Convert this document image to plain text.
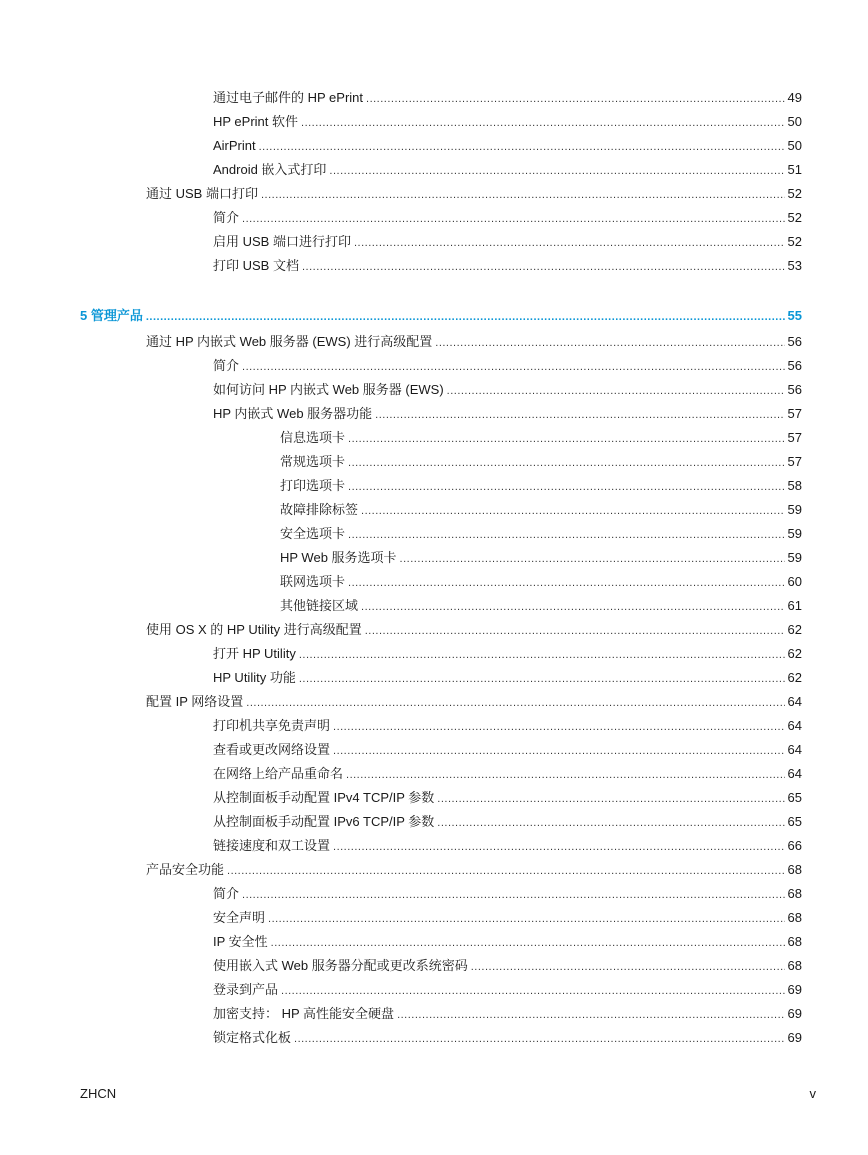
通过电子邮件的 HP ePrint .....	49
HP ePrint 软件 .....	50
AirPrint .....	50
Android 嵌入式打印 .....	51
通过 USB 端口打印 .....	52
简介 .....	52
启用 USB 端口进行打印 .....	52
打印 USB 文档 .....	53
5 管理产品 .....	55
通过 HP 内嵌式 Web 服务器 (EWS) 进行高级配置 .....	56
简介 .....	56
如何访问 HP 内嵌式 Web 服务器 (EWS) .....	56
HP 内嵌式 Web 服务器功能 .....	57
信息选项卡 .....	57
常规选项卡 .....	57
打印选项卡 .....	58
故障排除标签 .....	59
安全选项卡 .....	59
HP Web 服务选项卡 .....	59
联网选项卡 .....	60
其他链接区域 .....	61
使用 OS X 的 HP Utility 进行高级配置 .....	62
打开 HP Utility .....	62
HP Utility 功能 .....	62
配置 IP 网络设置 .....	64
打印机共享免责声明 .....	64
查看或更改网络设置 .....	64
在网络上给产品重命名 .....	64
从控制面板手动配置 IPv4 TCP/IP 参数 .....	65
从控制面板手动配置 IPv6 TCP/IP 参数 .....	65
链接速度和双工设置 .....	66
产品安全功能 .....	68
简介 .....	68
安全声明 .....	68
IP 安全性 .....	68
使用嵌入式 Web 服务器分配或更改系统密码 .....	68
登录到产品 .....	69
加密支持： HP 高性能安全硬盘 .....	69
锁定格式化板 .....	69
ZHCN	v
